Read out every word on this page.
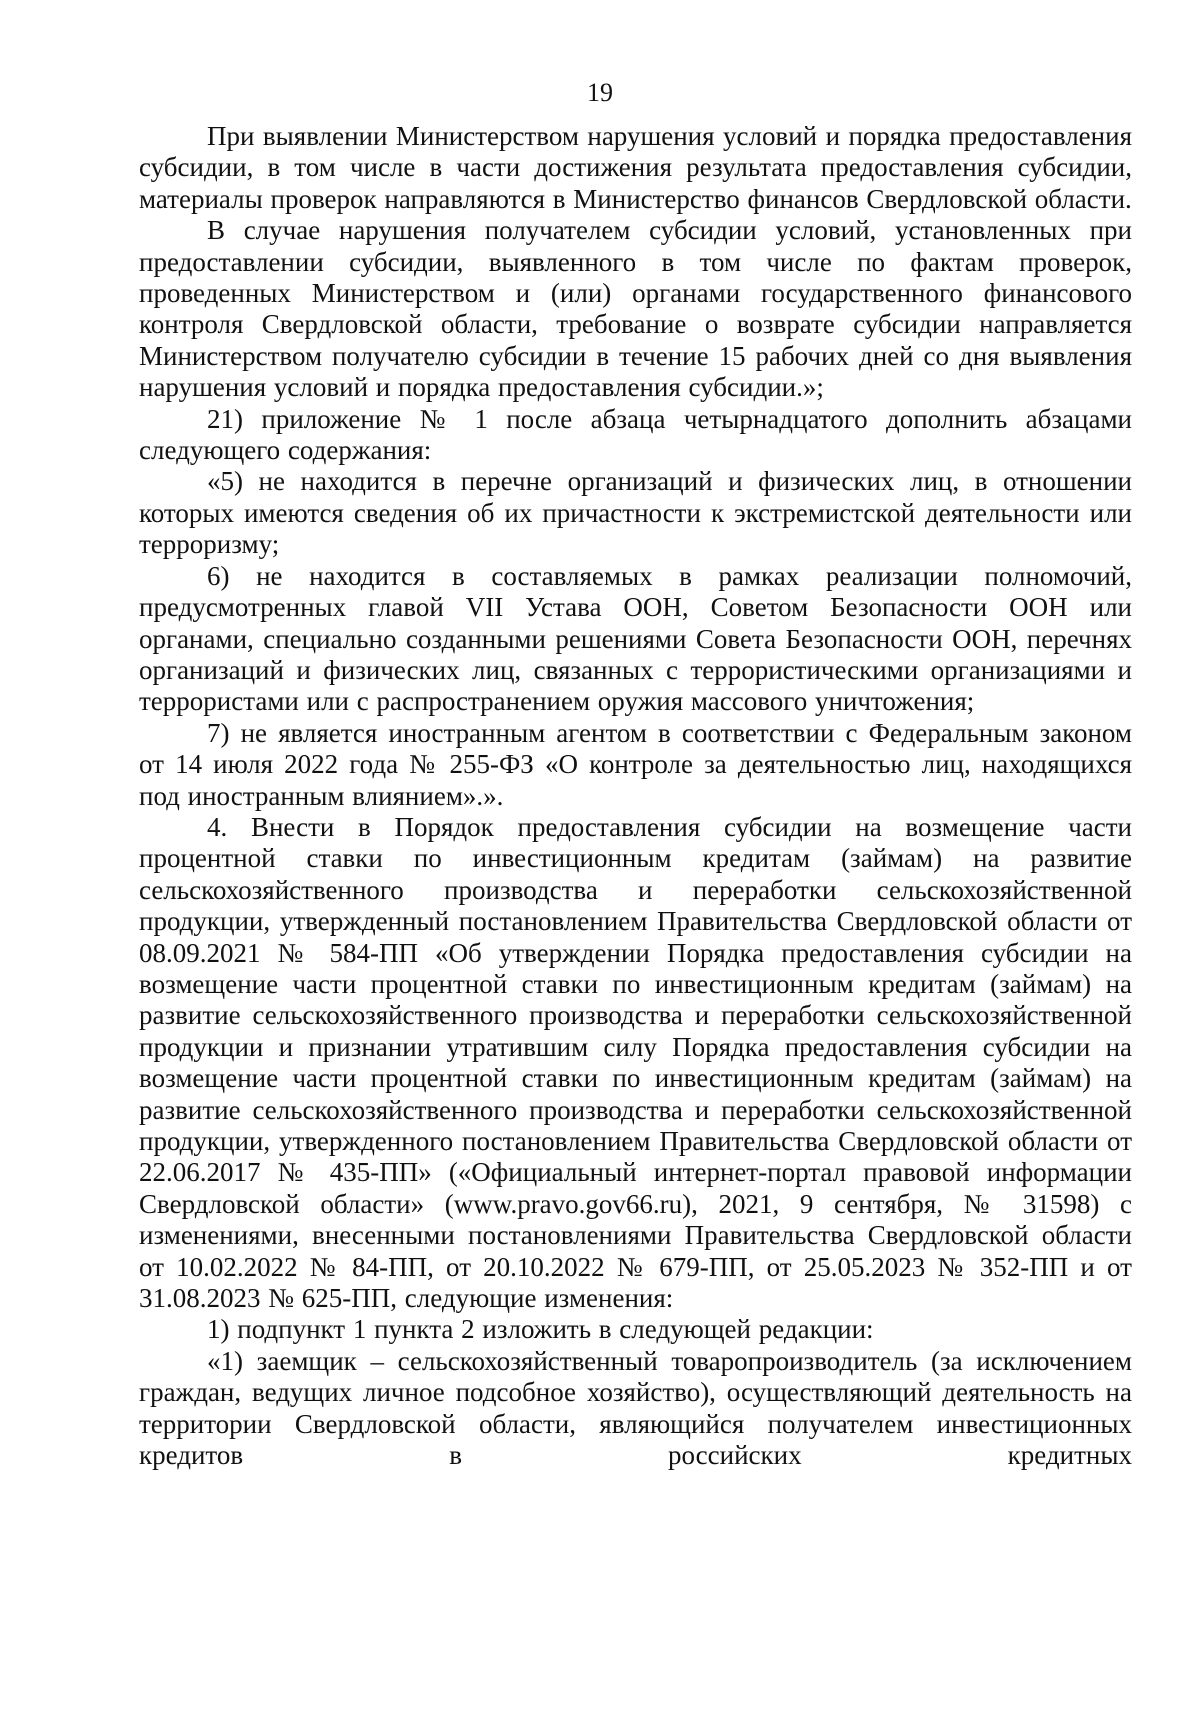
19

При выявлении Министерством нарушения условий и порядка предоставления субсидии, в том числе в части достижения результата предоставления субсидии, материалы проверок направляются в Министерство финансов Свердловской области.

В случае нарушения получателем субсидии условий, установленных при предоставлении субсидии, выявленного в том числе по фактам проверок, проведенных Министерством и (или) органами государственного финансового контроля Свердловской области, требование о возврате субсидии направляется Министерством получателю субсидии в течение 15 рабочих дней со дня выявления нарушения условий и порядка предоставления субсидии.»;

21) приложение № 1 после абзаца четырнадцатого дополнить абзацами следующего содержания:

«5) не находится в перечне организаций и физических лиц, в отношении которых имеются сведения об их причастности к экстремистской деятельности или терроризму;

6) не находится в составляемых в рамках реализации полномочий, предусмотренных главой VII Устава ООН, Советом Безопасности ООН или органами, специально созданными решениями Совета Безопасности ООН, перечнях организаций и физических лиц, связанных с террористическими организациями и террористами или с распространением оружия массового уничтожения;

7) не является иностранным агентом в соответствии с Федеральным законом от 14 июля 2022 года № 255-ФЗ «О контроле за деятельностью лиц, находящихся под иностранным влиянием».».

4. Внести в Порядок предоставления субсидии на возмещение части процентной ставки по инвестиционным кредитам (займам) на развитие сельскохозяйственного производства и переработки сельскохозяйственной продукции, утвержденный постановлением Правительства Свердловской области от 08.09.2021 № 584-ПП «Об утверждении Порядка предоставления субсидии на возмещение части процентной ставки по инвестиционным кредитам (займам) на развитие сельскохозяйственного производства и переработки сельскохозяйственной продукции и признании утратившим силу Порядка предоставления субсидии на возмещение части процентной ставки по инвестиционным кредитам (займам) на развитие сельскохозяйственного производства и переработки сельскохозяйственной продукции, утвержденного постановлением Правительства Свердловской области от 22.06.2017 № 435-ПП» («Официальный интернет-портал правовой информации Свердловской области» (www.pravo.gov66.ru), 2021, 9 сентября, № 31598) с изменениями, внесенными постановлениями Правительства Свердловской области от 10.02.2022 № 84-ПП, от 20.10.2022 № 679-ПП, от 25.05.2023 № 352-ПП и от 31.08.2023 № 625-ПП, следующие изменения:

1) подпункт 1 пункта 2 изложить в следующей редакции:

«1) заемщик – сельскохозяйственный товаропроизводитель (за исключением граждан, ведущих личное подсобное хозяйство), осуществляющий деятельность на территории Свердловской области, являющийся получателем инвестиционных кредитов в российских кредитных
